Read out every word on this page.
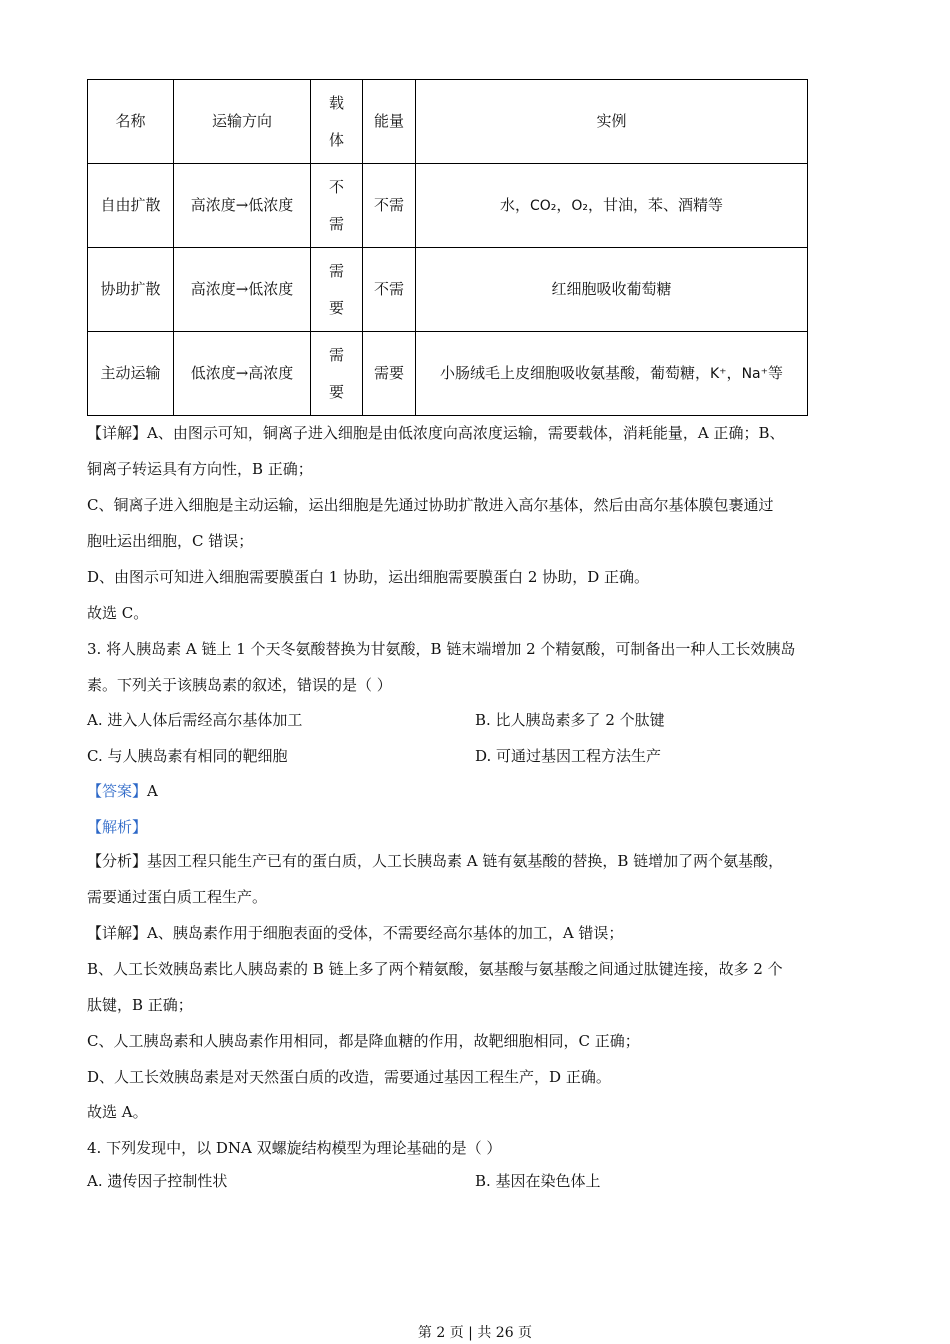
名称	运输方向	载体	能量	实例
自由扩散	高浓度→低浓度	不需	不需	水，CO₂，O₂，甘油，苯、酒精等
协助扩散	高浓度→低浓度	需要	不需	红细胞吸收葡萄糖
主动运输	低浓度→高浓度	需要	需要	小肠绒毛上皮细胞吸收氨基酸，葡萄糖，K⁺，Na⁺等
【详解】A、由图示可知，铜离子进入细胞是由低浓度向高浓度运输，需要载体，消耗能量，A 正确；B、
铜离子转运具有方向性，B 正确；
C、铜离子进入细胞是主动运输，运出细胞是先通过协助扩散进入高尔基体，然后由高尔基体膜包裹通过
胞吐运出细胞，C 错误；
D、由图示可知进入细胞需要膜蛋白 1 协助，运出细胞需要膜蛋白 2 协助，D 正确。
故选 C。
3. 将人胰岛素 A 链上 1 个天冬氨酸替换为甘氨酸，B 链末端增加 2 个精氨酸，可制备出一种人工长效胰岛
素。下列关于该胰岛素的叙述，错误的是（ ）
A. 进入人体后需经高尔基体加工	B. 比人胰岛素多了 2 个肽键
C. 与人胰岛素有相同的靶细胞	D. 可通过基因工程方法生产
【答案】A
【解析】
【分析】基因工程只能生产已有的蛋白质，人工长胰岛素 A 链有氨基酸的替换，B 链增加了两个氨基酸，
需要通过蛋白质工程生产。
【详解】A、胰岛素作用于细胞表面的受体，不需要经高尔基体的加工，A 错误；
B、人工长效胰岛素比人胰岛素的 B 链上多了两个精氨酸，氨基酸与氨基酸之间通过肽键连接，故多 2 个
肽键，B 正确；
C、人工胰岛素和人胰岛素作用相同，都是降血糖的作用，故靶细胞相同，C 正确；
D、人工长效胰岛素是对天然蛋白质的改造，需要通过基因工程生产，D 正确。
故选 A。
4. 下列发现中，以 DNA 双螺旋结构模型为理论基础的是（ ）
A. 遗传因子控制性状	B. 基因在染色体上
第 2 页 | 共 26 页
